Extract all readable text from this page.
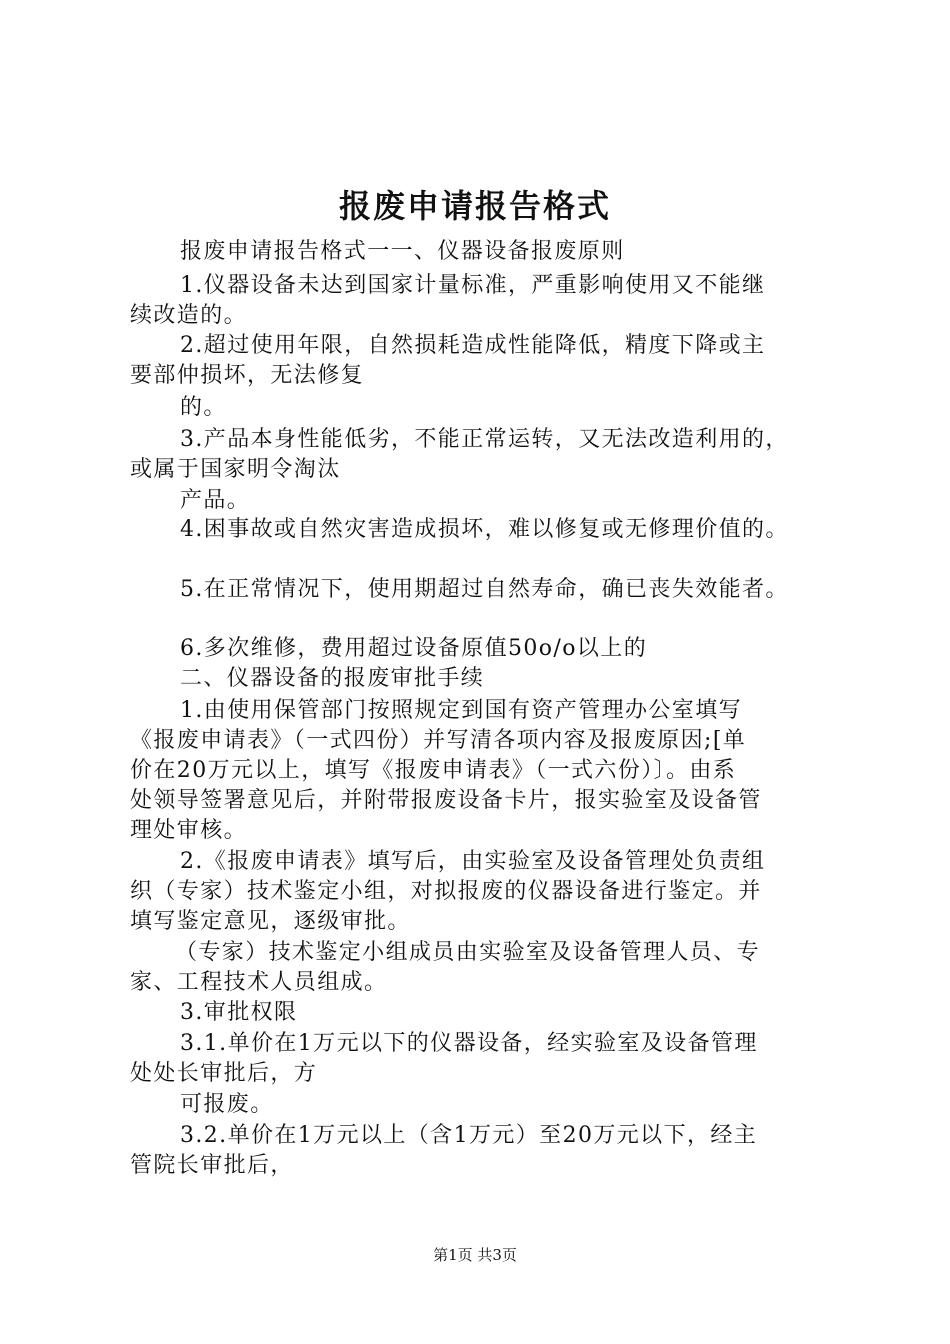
报废申请报告格式
报废申请报告格式一一、仪器设备报废原则
1.仪器设备未达到国家计量标准，严重影响使用又不能继
续改造的。
2.超过使用年限，自然损耗造成性能降低，精度下降或主
要部仲损坏，无法修复
的。
3.产品本身性能低劣，不能正常运转，又无法改造利用的，
或属于国家明令淘汰
产品。
4.困事故或自然灾害造成损坏，难以修复或无修理价值的。
5.在正常情况下，使用期超过自然寿命，确已丧失效能者。
6.多次维修，费用超过设备原值50o/o以上的
二、仪器设备的报废审批手续
1.由使用保管部门按照规定到国有资产管理办公室填写
《报废申请表》（一式四份）并写清各项内容及报废原因;[单
价在20万元以上，填写《报废申请表》（一式六份）〕。由系
处领导签署意见后，并附带报废设备卡片，报实验室及设备管
理处审核。
2.《报废申请表》填写后，由实验室及设备管理处负责组
织（专家）技术鉴定小组，对拟报废的仪器设备进行鉴定。并
填写鉴定意见，逐级审批。
（专家）技术鉴定小组成员由实验室及设备管理人员、专
家、工程技术人员组成。
3.审批权限
3.1.单价在1万元以下的仪器设备，经实验室及设备管理
处处长审批后，方
可报废。
3.2.单价在1万元以上（含1万元）至20万元以下，经主
管院长审批后，
第1页 共3页
